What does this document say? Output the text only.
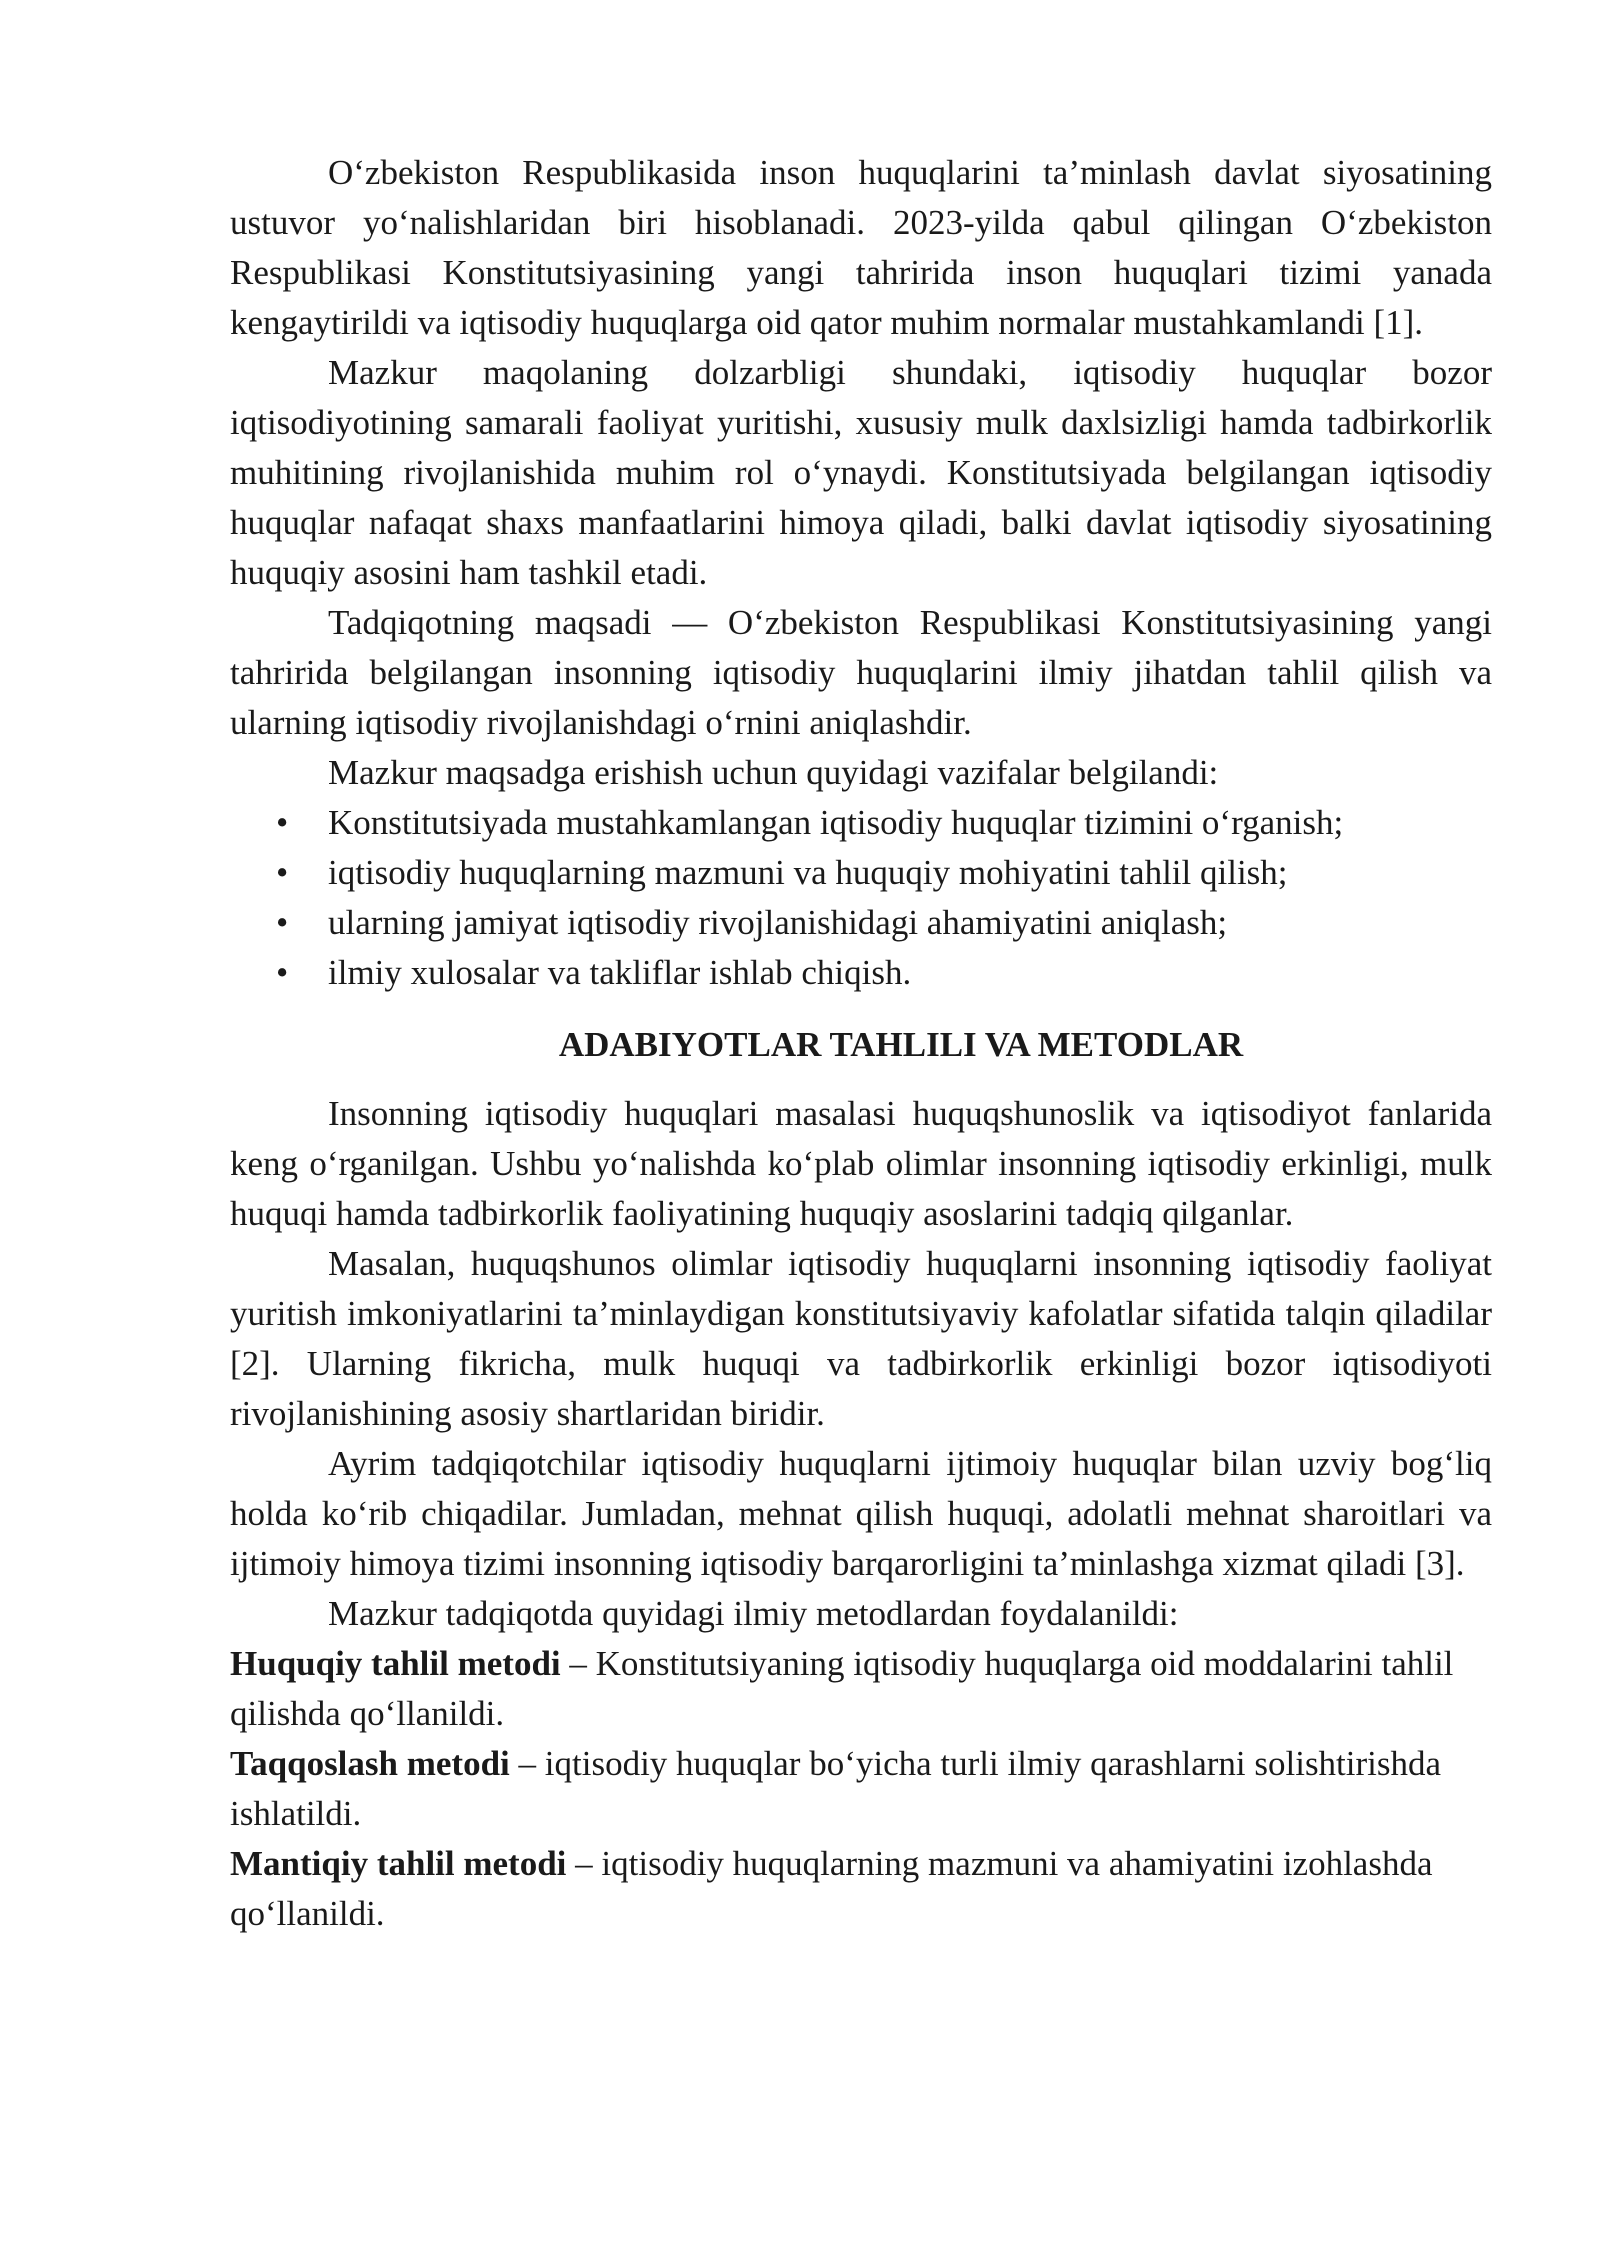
O‘zbekiston Respublikasida inson huquqlarini ta’minlash davlat siyosatining ustuvor yo‘nalishlaridan biri hisoblanadi. 2023-yilda qabul qilingan O‘zbekiston Respublikasi Konstitutsiyasining yangi tahririda inson huquqlari tizimi yanada kengaytirildi va iqtisodiy huquqlarga oid qator muhim normalar mustahkamlandi [1].

Mazkur maqolaning dolzarbligi shundaki, iqtisodiy huquqlar bozor iqtisodiyotining samarali faoliyat yuritishi, xususiy mulk daxlsizligi hamda tadbirkorlik muhitining rivojlanishida muhim rol o‘ynaydi. Konstitutsiyada belgilangan iqtisodiy huquqlar nafaqat shaxs manfaatlarini himoya qiladi, balki davlat iqtisodiy siyosatining huquqiy asosini ham tashkil etadi.

Tadqiqotning maqsadi — O‘zbekiston Respublikasi Konstitutsiyasining yangi tahririda belgilangan insonning iqtisodiy huquqlarini ilmiy jihatdan tahlil qilish va ularning iqtisodiy rivojlanishdagi o‘rnini aniqlashdir.

Mazkur maqsadga erishish uchun quyidagi vazifalar belgilandi:

• Konstitutsiyada mustahkamlangan iqtisodiy huquqlar tizimini o‘rganish;
• iqtisodiy huquqlarning mazmuni va huquqiy mohiyatini tahlil qilish;
• ularning jamiyat iqtisodiy rivojlanishidagi ahamiyatini aniqlash;
• ilmiy xulosalar va takliflar ishlab chiqish.

ADABIYOTLAR TAHLILI VA METODLAR

Insonning iqtisodiy huquqlari masalasi huquqshunoslik va iqtisodiyot fanlarida keng o‘rganilgan. Ushbu yo‘nalishda ko‘plab olimlar insonning iqtisodiy erkinligi, mulk huquqi hamda tadbirkorlik faoliyatining huquqiy asoslarini tadqiq qilganlar.

Masalan, huquqshunos olimlar iqtisodiy huquqlarni insonning iqtisodiy faoliyat yuritish imkoniyatlarini ta’minlaydigan konstitutsiyaviy kafolatlar sifatida talqin qiladilar [2]. Ularning fikricha, mulk huquqi va tadbirkorlik erkinligi bozor iqtisodiyoti rivojlanishining asosiy shartlaridan biridir.

Ayrim tadqiqotchilar iqtisodiy huquqlarni ijtimoiy huquqlar bilan uzviy bog‘liq holda ko‘rib chiqadilar. Jumladan, mehnat qilish huquqi, adolatli mehnat sharoitlari va ijtimoiy himoya tizimi insonning iqtisodiy barqarorligini ta’minlashga xizmat qiladi [3].

Mazkur tadqiqotda quyidagi ilmiy metodlardan foydalanildi:

Huquqiy tahlil metodi – Konstitutsiyaning iqtisodiy huquqlarga oid moddalarini tahlil qilishda qo‘llanildi.

Taqqoslash metodi – iqtisodiy huquqlar bo‘yicha turli ilmiy qarashlarni solishtirishda ishlatildi.

Mantiqiy tahlil metodi – iqtisodiy huquqlarning mazmuni va ahamiyatini izohlashda qo‘llanildi.
